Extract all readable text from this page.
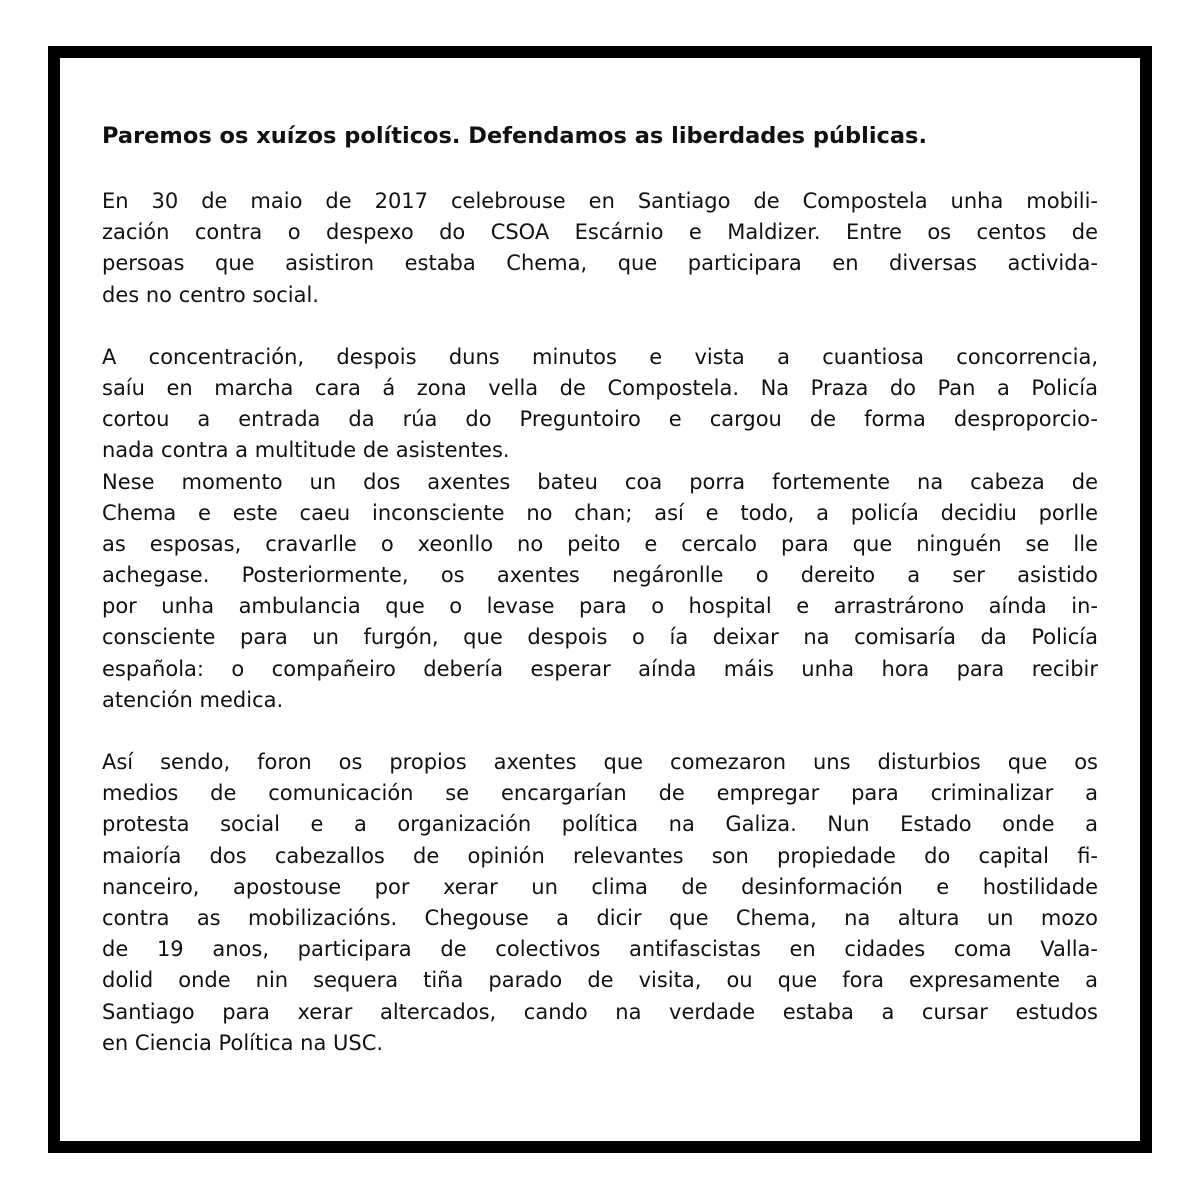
Paremos os xuízos políticos. Defendamos as liberdades públicas.
En 30 de maio de 2017 celebrouse en Santiago de Compostela unha mobili-
zación contra o despexo do CSOA Escárnio e Maldizer. Entre os centos de
persoas que asistiron estaba Chema, que participara en diversas activida-
des no centro social.
A concentración, despois duns minutos e vista a cuantiosa concorrencia,
saíu en marcha cara á zona vella de Compostela. Na Praza do Pan a Policía
cortou a entrada da rúa do Preguntoiro e cargou de forma desproporcio-
nada contra a multitude de asistentes.
Nese momento un dos axentes bateu coa porra fortemente na cabeza de
Chema e este caeu inconsciente no chan; así e todo, a policía decidiu porlle
as esposas, cravarlle o xeonllo no peito e cercalo para que ninguén se lle
achegase. Posteriormente, os axentes negáronlle o dereito a ser asistido
por unha ambulancia que o levase para o hospital e arrastrárono aínda in-
consciente para un furgón, que despois o ía deixar na comisaría da Policía
española: o compañeiro debería esperar aínda máis unha hora para recibir
atención medica.
Así sendo, foron os propios axentes que comezaron uns disturbios que os
medios de comunicación se encargarían de empregar para criminalizar a
protesta social e a organización política na Galiza. Nun Estado onde a
maioría dos cabezallos de opinión relevantes son propiedade do capital fi-
nanceiro, apostouse por xerar un clima de desinformación e hostilidade
contra as mobilizacións. Chegouse a dicir que Chema, na altura un mozo
de 19 anos, participara de colectivos antifascistas en cidades coma Valla-
dolid onde nin sequera tiña parado de visita, ou que fora expresamente a
Santiago para xerar altercados, cando na verdade estaba a cursar estudos
en Ciencia Política na USC.
